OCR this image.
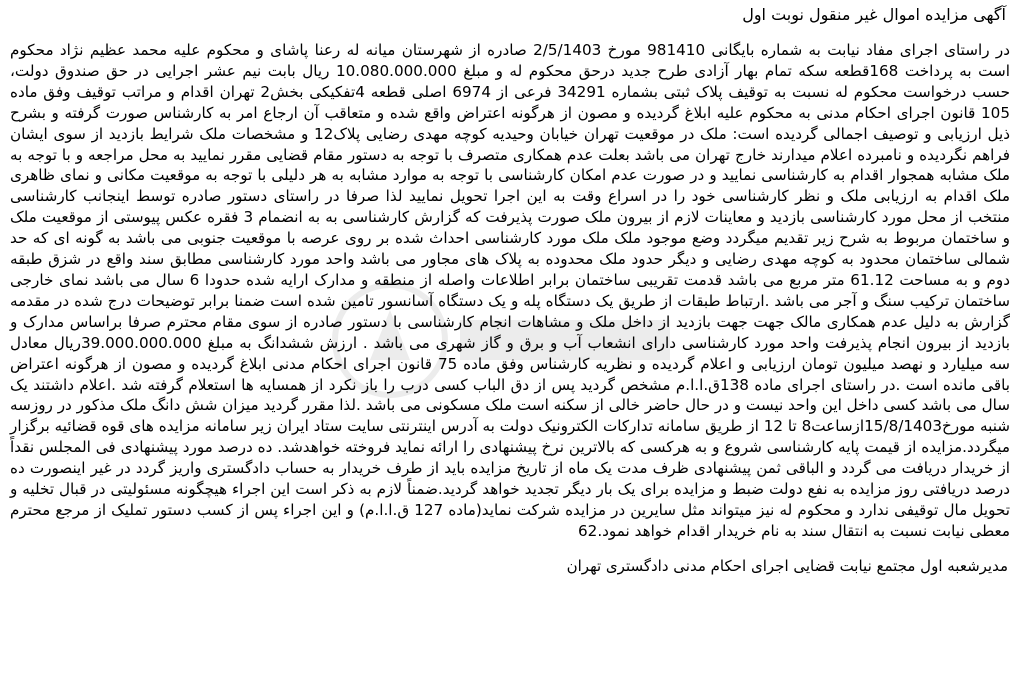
آگهی مزایده اموال غیر منقول نوبت اول

در راستای اجرای مفاد نیابت به شماره بایگانی 981410 مورخ 2/5/1403 صادره از شهرستان میانه له رعنا پاشای و محکوم علیه محمد عظیم نژاد محکوم است به پرداخت 168قطعه سکه تمام بهار آزادی طرح جدید درحق محکوم له و مبلغ 10.080.000.000 ریال بابت نیم عشر اجرایی در حق صندوق دولت، حسب درخواست محکوم له نسبت به توقیف پلاک ثبتی بشماره 34291 فرعی از 6974 اصلی قطعه 4تفکیکی بخش2 تهران اقدام و مراتب توقیف وفق ماده 105 قانون اجرای احکام مدنی به محکوم علیه ابلاغ گردیده و مصون از هرگونه اعتراض واقع شده و متعاقب آن ارجاع امر به کارشناس صورت گرفته و بشرح ذیل ارزیابی و توصیف اجمالی گردیده است: ملک در موقعیت تهران خیابان وحیدیه کوچه مهدی رضایی پلاک12 و مشخصات ملک شرایط بازدید از سوی ایشان فراهم نگردیده و نامبرده اعلام میدارند خارج تهران می باشد بعلت عدم همکاری متصرف با توجه به دستور مقام قضایی مقرر نمایید به محل مراجعه و با توجه به ملک مشابه همجوار اقدام به کارشناسی نمایید و در صورت عدم امکان کارشناسی با توجه به موارد مشابه به هر دلیلی با توجه به موقعیت مکانی و نمای ظاهری ملک اقدام به ارزیابی ملک و نظر کارشناسی خود را در اسراع وقت به این اجرا تحویل نمایید لذا صرفا در راستای دستور صادره توسط اینجانب کارشناسی منتخب از محل مورد کارشناسی بازدید و معاینات لازم از بیرون ملک صورت پذیرفت که گزارش کارشناسی به به انضمام 3 فقره عکس پیوستی از موقعیت ملک و ساختمان مربوط به شرح زیر تقدیم میگردد وضع موجود ملک ملک مورد کارشناسی احداث شده بر روی عرصه با موقعیت جنوبی می باشد به گونه ای که حد شمالی ساختمان محدود به کوچه مهدی رضایی و دیگر حدود ملک محدوده به پلاک های مجاور می باشد واحد مورد کارشناسی مطابق سند واقع در شزق طبقه دوم و به مساحت 61.12 متر مربع می باشد قدمت تقریبی ساختمان برابر اطلاعات واصله از منطقه و مدارک ارایه شده حدودا 6 سال می باشد نمای خارجی ساختمان ترکیب سنگ و آجر می باشد .ارتباط طبقات از طریق یک دستگاه پله و یک دستگاه آسانسور تامین شده است ضمنا برابر توضیحات درج شده در مقدمه گزارش به دلیل عدم همکاری مالک جهت جهت بازدید از داخل ملک و مشاهات انجام کارشناسی با دستور صادره از سوی مقام محترم صرفا براساس مدارک و بازدید از بیرون انجام پذیرفت واحد مورد کارشناسی دارای انشعاب آب و برق و گاز شهری می باشد . ارزش ششدانگ به مبلغ 39.000.000.000ریال معادل سه میلیارد و نهصد میلیون تومان ارزیابی و اعلام گردیده و نظریه کارشناس وفق ماده 75 قانون اجرای احکام مدنی ابلاغ گردیده و مصون از هرگونه اعتراض باقی مانده است .در راستای اجرای ماده 138ق.ا.ا.م مشخص گردید پس از دق الباب کسی درب را باز نکرد از همسایه ها استعلام گرفته شد .اعلام داشتند یک سال می باشد کسی داخل این واحد نیست و در حال حاضر خالی از سکنه است ملک مسکونی می باشد .لذا مقرر گردید میزان شش دانگ ملک مذکور در روزسه شنبه مورخ15/8/1403ازساعت8 تا 12 از طریق سامانه تدارکات الکترونیک دولت به آدرس اینترنتی سایت ستاد ایران زیر سامانه مزایده های قوه قضائیه برگزار میگردد.مزایده از قیمت پایه کارشناسی شروع و به هرکسی که بالاترین نرخ پیشنهادی را ارائه نماید فروخته خواهدشد. ده درصد مورد پیشنهادی فی المجلس نقداً از خریدار دریافت می گردد و الباقی ثمن پیشنهادی ظرف مدت یک ماه از تاریخ مزایده باید از طرف خریدار به حساب دادگستری واریز گردد در غیر اینصورت ده درصد دریافتی روز مزایده به نفع دولت ضبط و مزایده برای یک بار دیگر تجدید خواهد گردید.ضمناً لازم به ذکر است این اجراء هیچگونه مسئولیتی در قبال تخلیه و تحویل مال توقیفی ندارد و محکوم له نیز میتواند مثل سایرین در مزایده شرکت نماید(ماده 127 ق.ا.ا.م) و این اجراء پس از کسب دستور تملیک از مرجع محترم معطی نیابت نسبت به انتقال سند به نام خریدار اقدام خواهد نمود.62

مدیرشعبه اول مجتمع نیابت قضایی اجرای احکام مدنی دادگستری تهران
